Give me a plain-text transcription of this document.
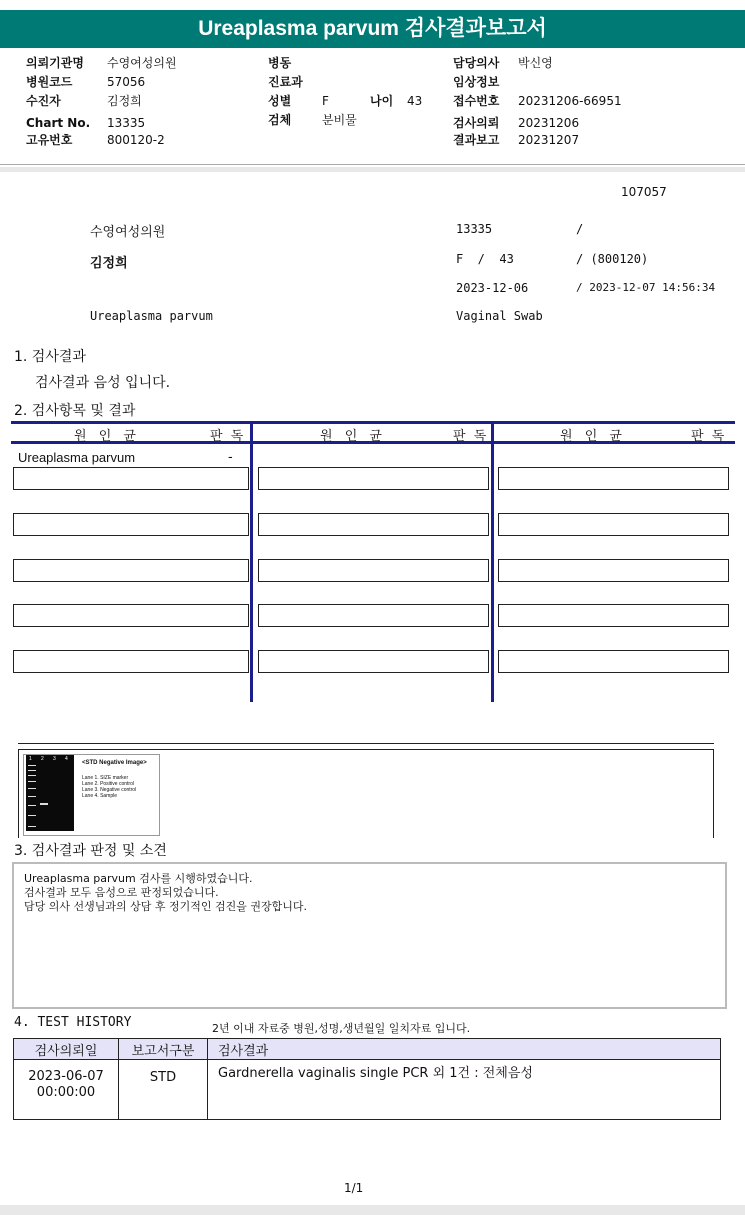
Ureaplasma parvum 검사결과보고서
의뢰기관명 수영여성의원
병원코드	57056
수진자	김정희
Chart No. 13335
고유번호	800120-2
병동
진료과
성별	F	나이 43
검체	분비물
담당의사 박신영
임상정보
접수번호 20231206-66951
검사의뢰 20231206
결과보고 20231207
107057
수영여성의원	13335	/
김정희	F  /  43	/ (800120)
2023-12-06	/ 2023-12-07 14:56:34
Ureaplasma parvum	Vaginal Swab
1. 검사결과
검사결과 음성 입니다.
2. 검사항목 및 결과
원 인 균	판 독	원 인 균	판 독	원 인 균	판 독
Ureaplasma parvum	-
1 2 3 4
<STD Negative Image>
Lane 1. SIZE marker
Lane 2. Positive control
Lane 3. Negative control
Lane 4. Sample
3. 검사결과 판정 및 소견
Ureaplasma parvum 검사를 시행하였습니다.
검사결과 모두 음성으로 판정되었습니다.
담당 의사 선생님과의 상담 후 정기적인 검진을 권장합니다.
4. TEST HISTORY	2년 이내 자료중 병원,성명,생년월일 일치자료 입니다.
검사의뢰일	보고서구분	검사결과

2023-06-07
00:00:00	STD	Gardnerella vaginalis single PCR 외 1건 : 전체음성
1/1
